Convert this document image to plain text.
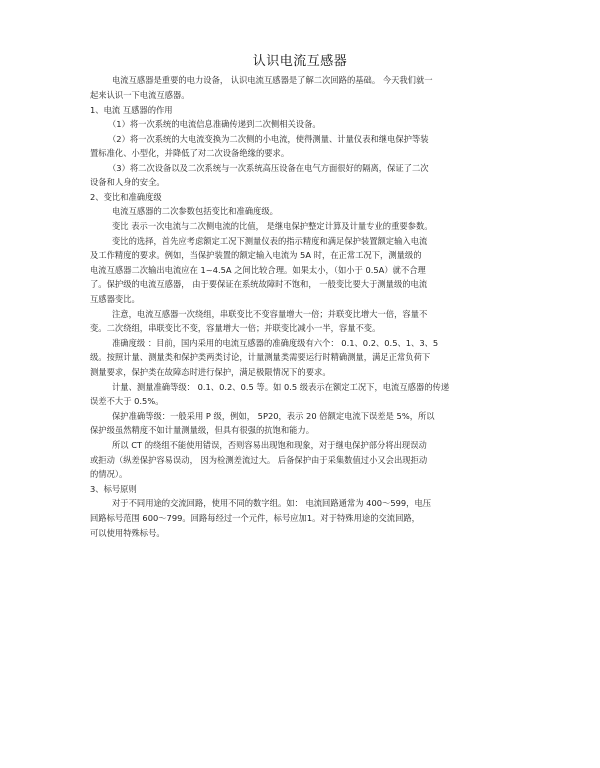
认识电流互感器
电流互感器是重要的电力设备， 认识电流互感器是了解二次回路的基础。 今天我们就一
起来认识一下电流互感器。
1、电流 互感器的作用
（1）将一次系统的电流信息准确传递到二次侧相关设备。
（2）将一次系统的大电流变换为二次侧的小电流，使得测量、计量仪表和继电保护等装
置标准化、小型化，并降低了对二次设备绝缘的要求。
（3）将二次设备以及二次系统与一次系统高压设备在电气方面很好的隔离，保证了二次
设备和人身的安全。
2、变比和准确度级
电流互感器的二次参数包括变比和准确度级。
变比 表示一次电流与二次侧电流的比值， 是继电保护整定计算及计量专业的重要参数。
变比的选择，首先应考虑额定工况下测量仪表的指示精度和满足保护装置额定输入电流
及工作精度的要求。例如，当保护装置的额定输入电流为 5A 时，在正常工况下，测量级的
电流互感器二次输出电流应在 1~4.5A 之间比较合理。如果太小，（如小于 0.5A）就不合理
了。保护级的电流互感器， 由于要保证在系统故障时不饱和， 一般变比要大于测量级的电流
互感器变比。
注意，电流互感器一次绕组，串联变比不变容量增大一倍；并联变比增大一倍，容量不
变。二次绕组，串联变比不变，容量增大一倍；并联变比减小一半，容量不变。
准确度级 ：目前，国内采用的电流互感器的准确度级有六个： 0.1、0.2、0.5、1、3、5
级。按照计量、测量类和保护类两类讨论，计量测量类需要运行时精确测量，满足正常负荷下
测量要求，保护类在故障态时进行保护，满足极限情况下的要求。
计量、测量准确等级： 0.1、0.2、0.5 等。如 0.5 级表示在额定工况下，电流互感器的传递
误差不大于 0.5%。
保护准确等级：一般采用 P 级，例如， 5P20，表示 20 倍额定电流下误差是 5%，所以
保护级虽然精度不如计量测量级，但具有很强的抗饱和能力。
所以 CT 的绕组不能使用错误，否则容易出现饱和现象，对于继电保护部分将出现误动
或拒动（纵差保护容易误动， 因为检测差流过大。 后备保护由于采集数值过小又会出现拒动
的情况）。
3、标号原则
对于不同用途的交流回路，使用不同的数字组。如： 电流回路通常为 400～599，电压
回路标号范围 600～799。回路每经过一个元件，标号应加1。对于特殊用途的交流回路，
可以使用特殊标号。
